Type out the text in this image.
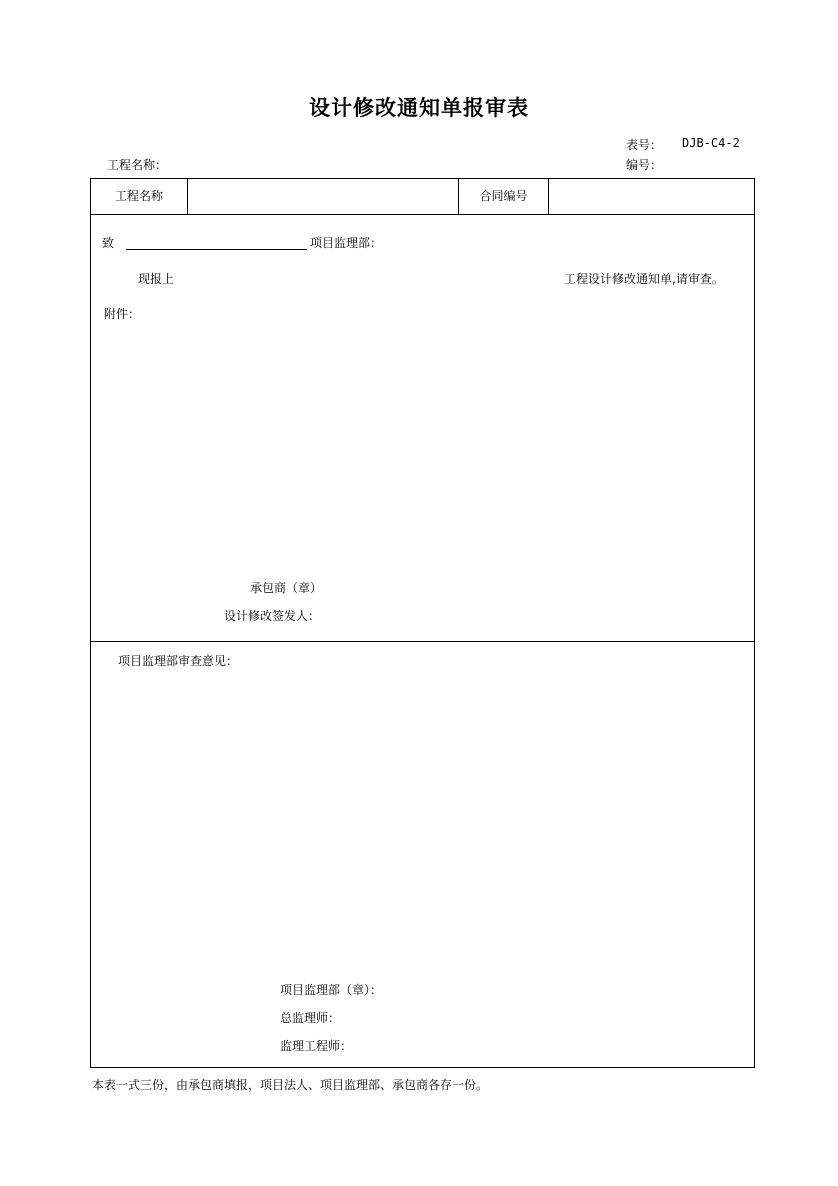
设计修改通知单报审表
表号： DJB-C4-2
工程名称：	编号：
工程名称	合同编号
致	项目监理部：
现报上	工程设计修改通知单,请审查。
附件：
承包商（章）
设计修改签发人：
项目监理部审查意见：
项目监理部（章）：
总监理师：
监理工程师：
本表一式三份，由承包商填报，项目法人、项目监理部、承包商各存一份。
